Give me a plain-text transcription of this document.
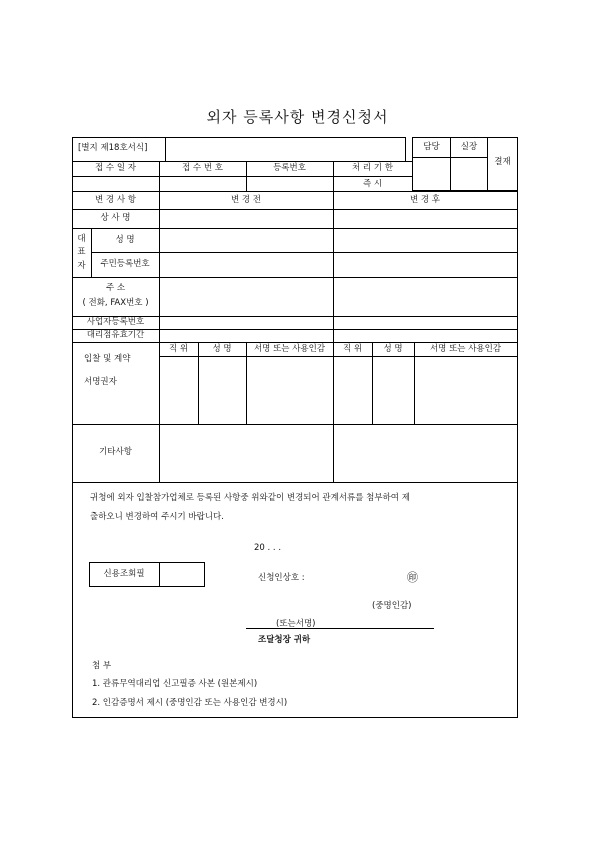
외자 등록사항 변경신청서
담당	실장
결재
[별지 제18호서식]
접 수 일 자	접 수 번 호	등록번호	처 리 기 한
즉 시
변 경 사 항	변 경 전	변 경 후
상 사 명
대
표
자
성 명
주민등록번호
주 소
( 전화, FAX번호 )
사업자등록번호
대리점유효기간
직 위	성 명	서명 또는 사용인감	직 위	성 명	서명 또는 사용인감
입찰 및 계약
서명권자
기타사항
귀청에 외자 입찰참가업체로 등록된 사항중 위와같이 변경되어 관계서류를 첨부하여 제
출하오니 변경하여 주시기 바랍니다.
20 . . .
신용조회필	신청인상호 :	㊞
(중명인감)
(또는서명)
조달청장 귀하
첨 부
1. 관류무역대리업 신고필증 사본 (원본제시)
2. 인감증명서 제시 (중명인감 또는 사용인감 변경시)
